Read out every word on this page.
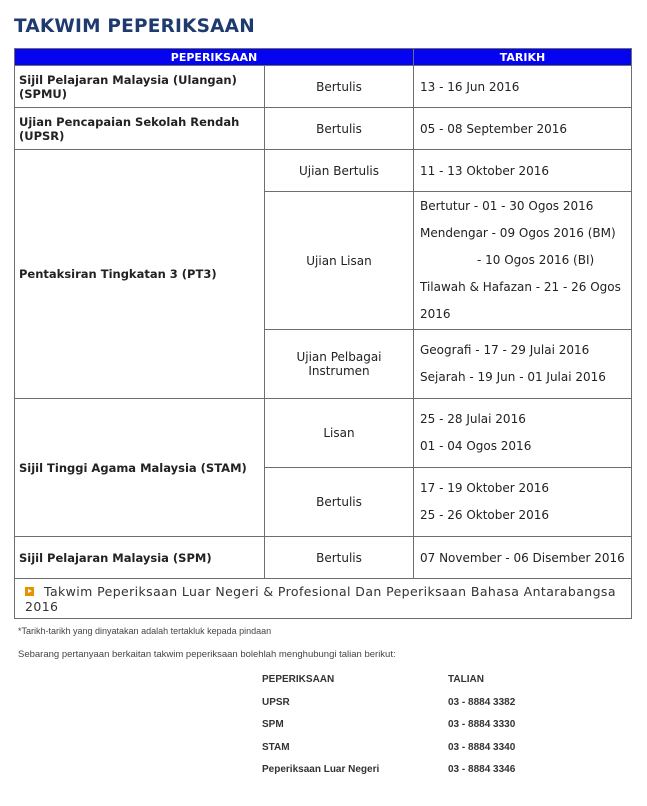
TAKWIM PEPERIKSAAN
PEPERIKSAAN		TARIKH
Sijil Pelajaran Malaysia (Ulangan) (SPMU)	Bertulis	13 - 16 Jun 2016
Ujian Pencapaian Sekolah Rendah (UPSR)	Bertulis	05 - 08 September 2016
Pentaksiran Tingkatan 3 (PT3)	Ujian Bertulis	11 - 13 Oktober 2016
	Ujian Lisan	Bertutur - 01 - 30 Ogos 2016
Mendengar - 09 Ogos 2016 (BM)
- 10 Ogos 2016 (BI)
Tilawah & Hafazan - 21 - 26 Ogos 2016

	Ujian Pelbagai Instrumen	Geografi - 17 - 29 Julai 2016
Sejarah - 19 Jun - 01 Julai 2016

Sijil Tinggi Agama Malaysia (STAM)	Lisan	25 - 28 Julai 2016
01 - 04 Ogos 2016

	Bertulis	17 - 19 Oktober 2016
25 - 26 Oktober 2016

Sijil Pelajaran Malaysia (SPM)	Bertulis	07 November - 06 Disember 2016
Takwim Peperiksaan Luar Negeri & Profesional Dan Peperiksaan Bahasa Antarabangsa 2016		
*Tarikh-tarikh yang dinyatakan adalah tertakluk kepada pindaan
Sebarang pertanyaan berkaitan takwim peperiksaan bolehlah menghubungi talian berikut:
PEPERIKSAAN	TALIAN
UPSR	03 - 8884 3382
SPM	03 - 8884 3330
STAM	03 - 8884 3340
Peperiksaan Luar Negeri	03 - 8884 3346
